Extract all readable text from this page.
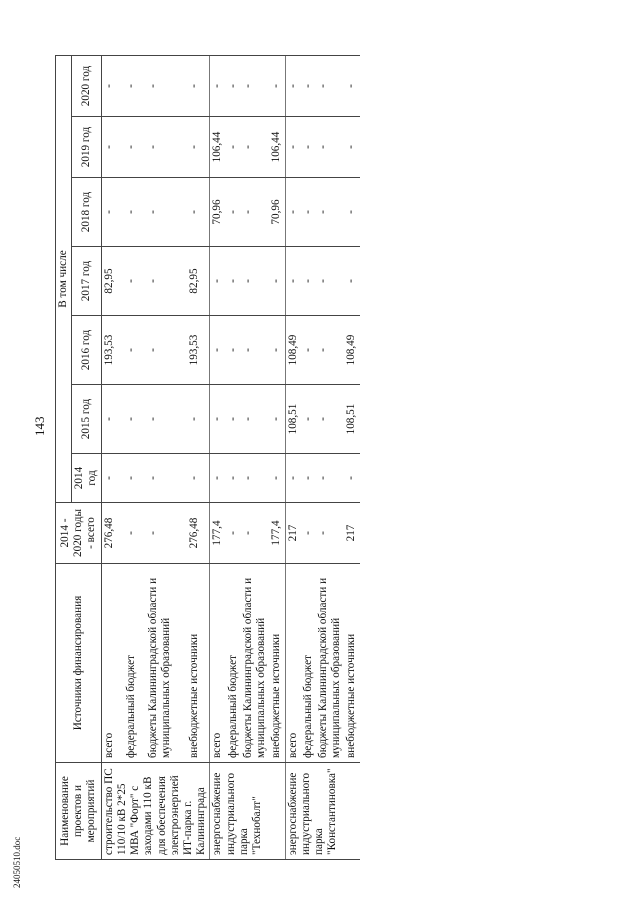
143
Наименование проектов и мероприятий	Источники финансирования	2014 - 2020 годы - всего	В том числе						
			2014 год	2015 год	2016 год	2017 год	2018 год	2019 год	2020 год
строительство ПС 110/10 кВ 2*25 МВА "Форт" с заходами 110 кВ для обеспечения электроэнергией ИТ-парка г. Калининграда	всего	276,48	-	-	193,53	82,95	-	-	-
	федеральный бюджет	-	-	-	-	-	-	-	-
	бюджеты Калининградской области и муниципальных образований	-	-	-	-	-	-	-	-
	внебюджетные источники	276,48	-	-	193,53	82,95	-	-	-
энергоснабжение индустриального парка "Технобалт"	всего	177,4	-	-	-	-	70,96	106,44	-
	федеральный бюджет	-	-	-	-	-	-	-	-
	бюджеты Калининградской области и муниципальных образований	-	-	-	-	-	-	-	-
	внебюджетные источники	177,4	-	-	-	-	70,96	106,44	-
энергоснабжение индустриального парка "Константиновка"	всего	217	-	108,51	108,49	-	-	-	-
	федеральный бюджет	-	-	-	-	-	-	-	-
	бюджеты Калининградской области и муниципальных образований	-	-	-	-	-	-	-	-
	внебюджетные источники	217	-	108,51	108,49	-	-	-	-
24050510.doc
